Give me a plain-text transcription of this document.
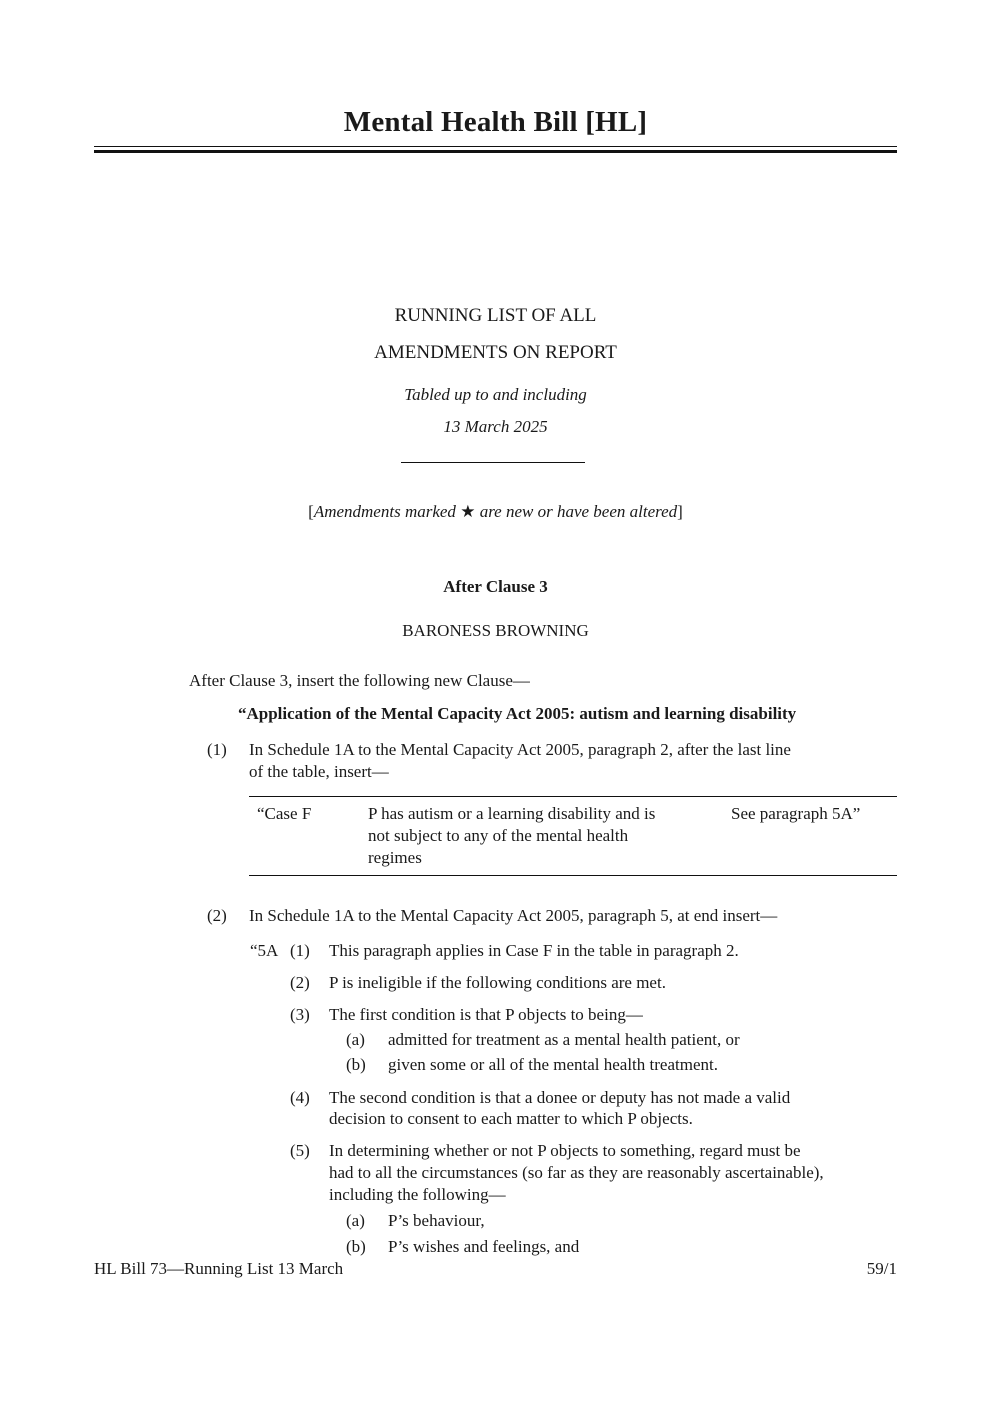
Mental Health Bill [HL]
RUNNING LIST OF ALL
AMENDMENTS ON REPORT
Tabled up to and including
13 March 2025
[Amendments marked ★ are new or have been altered]
After Clause 3
BARONESS BROWNING
After Clause 3, insert the following new Clause—
“Application of the Mental Capacity Act 2005: autism and learning disability
(1) In Schedule 1A to the Mental Capacity Act 2005, paragraph 2, after the last line
of the table, insert—
“Case F	P has autism or a learning disability and is
not subject to any of the mental health
regimes
See paragraph 5A”
(2) In Schedule 1A to the Mental Capacity Act 2005, paragraph 5, at end insert—
“5A (1) This paragraph applies in Case F in the table in paragraph 2.
(2) P is ineligible if the following conditions are met.
(3) The first condition is that P objects to being—
(a) admitted for treatment as a mental health patient, or
(b) given some or all of the mental health treatment.
(4) The second condition is that a donee or deputy has not made a valid
decision to consent to each matter to which P objects.
(5) In determining whether or not P objects to something, regard must be
had to all the circumstances (so far as they are reasonably ascertainable),
including the following—
(a) P’s behaviour,
(b) P’s wishes and feelings, and
HL Bill 73—Running List 13 March	59/1
